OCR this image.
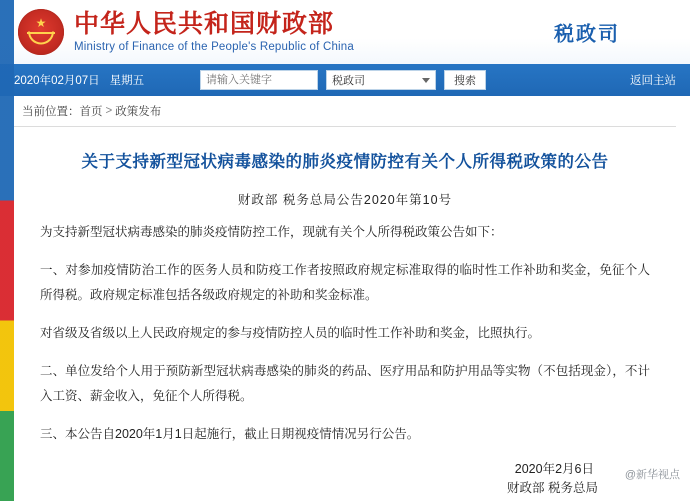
★ 中华人民共和国财政部
Ministry of Finance of the People's Republic of China
税政司
2020年02月07日 星期五
请输入关键字	税政司	搜索	返回主站
当前位置： 首页 > 政策发布
关于支持新型冠状病毒感染的肺炎疫情防控有关个人所得税政策的公告
财政部 税务总局公告2020年第10号
为支持新型冠状病毒感染的肺炎疫情防控工作，现就有关个人所得税政策公告如下：
一、对参加疫情防治工作的医务人员和防疫工作者按照政府规定标准取得的临时性工作补助和奖金，免征个人所得税。政府规定标准包括各级政府规定的补助和奖金标准。
对省级及省级以上人民政府规定的参与疫情防控人员的临时性工作补助和奖金，比照执行。
二、单位发给个人用于预防新型冠状病毒感染的肺炎的药品、医疗用品和防护用品等实物（不包括现金），不计入工资、薪金收入，免征个人所得税。
三、本公告自2020年1月1日起施行，截止日期视疫情情况另行公告。
财政部 税务总局
2020年2月6日	@新华视点
